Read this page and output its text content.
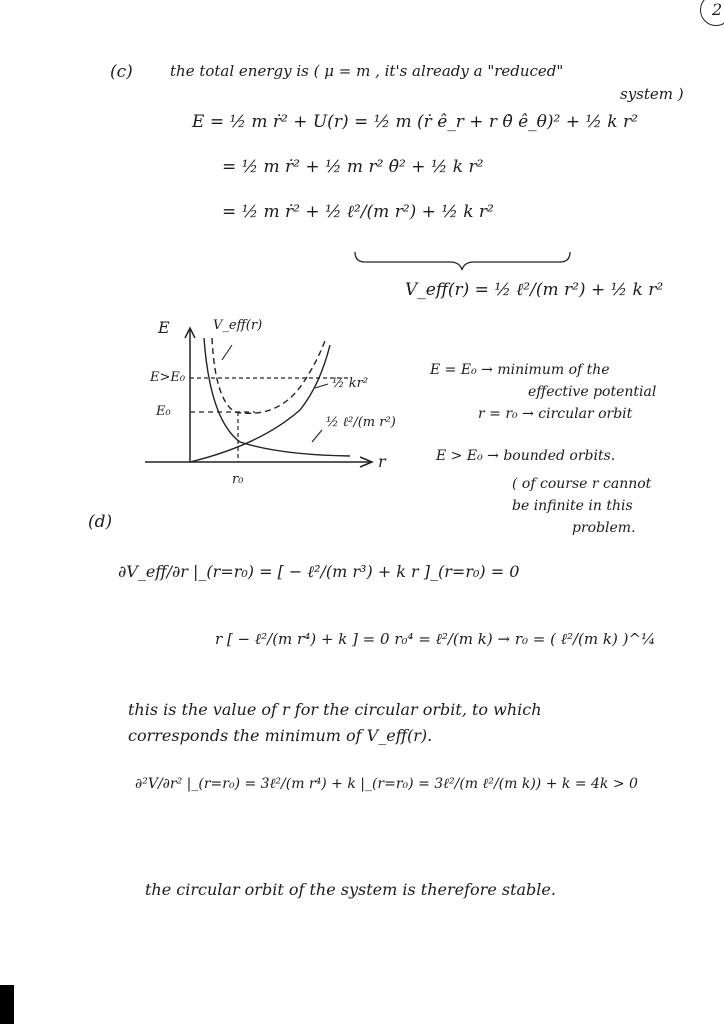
2
(c) the total energy is ( μ = m , it's already a "reduced"
system )
E = ½ m ṙ² + U(r) = ½ m (ṙ ê_r + r θ̇ ê_θ)² + ½ k r²
= ½ m ṙ² + ½ m r² θ̇² + ½ k r²
= ½ m ṙ² + ½ ℓ²/(m r²) + ½ k r²
V_eff(r) = ½ ℓ²/(m r²) + ½ k r²
E	V_eff(r)
E>E₀
E₀
½ kr²
½ ℓ²/(m r²)
r
r₀
E = E₀ → minimum of the
effective potential
r = r₀ → circular orbit
E > E₀ → bounded orbits.
( of course r cannot
be infinite in this
problem.
(d)
∂V_eff/∂r |_(r=r₀) = [ − ℓ²/(m r³) + k r ]_(r=r₀) = 0
r [ − ℓ²/(m r⁴) + k ] = 0 r₀⁴ = ℓ²/(m k) → r₀ = ( ℓ²/(m k) )^¼
this is the value of r for the circular orbit, to which
corresponds the minimum of V_eff(r).
∂²V/∂r² |_(r=r₀) = 3ℓ²/(m r⁴) + k |_(r=r₀) = 3ℓ²/(m ℓ²/(m k)) + k = 4k > 0
the circular orbit of the system is therefore stable.
